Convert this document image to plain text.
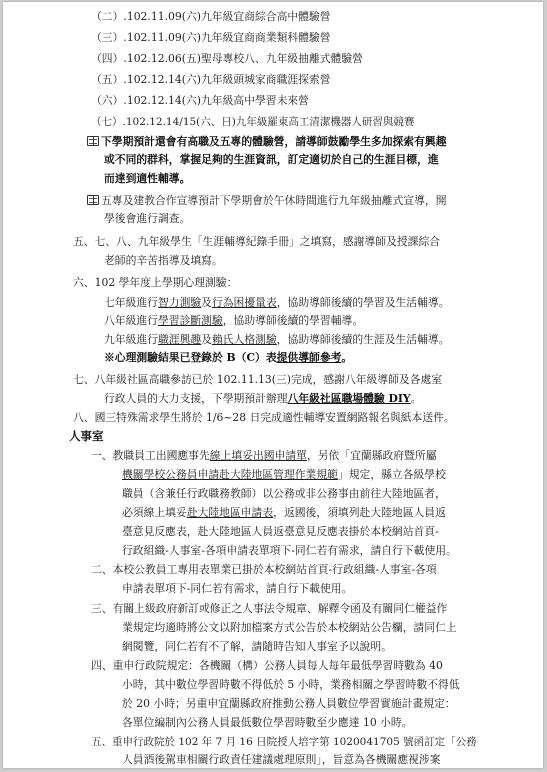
（二）.102.11.09(六)九年級宜商綜合高中體驗營
（三）.102.11.09(六)九年級宜商商業類科體驗營
（四）.102.12.06(五)聖母專校八、九年級抽離式體驗營
（五）.102.12.14(六)九年級頭城家商職涯探索營
（六）.102.12.14(六)九年級高中學習未來營
（七）.102.12.14/15(六、日)九年級羅東高工清潔機器人研習與競賽
下學期預計還會有高職及五專的體驗營，請導師鼓勵學生多加探索有興趣
或不同的群科，掌握足夠的生涯資訊，訂定適切於自己的生涯目標，進
而達到適性輔導。
五專及建教合作宣導預計下學期會於午休時間進行九年級抽離式宣導，開
學後會進行調查。
五、七、八、九年級學生「生涯輔導紀錄手冊」之填寫，感謝導師及授課綜合
老師的辛苦指導及填寫。
六、102 學年度上學期心理測驗：
七年級進行智力測驗及行為困擾量表，協助導師後續的學習及生活輔導。
八年級進行學習診斷測驗，協助導師後續的學習輔導。
九年級進行職涯興趣及賴氏人格測驗，協助導師後續的生涯及生活輔導。
※心理測驗結果已登錄於 B（C）表提供導師參考。
七、八年級社區高職參訪已於 102.11.13(三)完成，感謝八年級導師及各處室
行政人員的大力支援，下學期預計辦理八年級社區職場體驗 DIY。
八、國三特殊需求學生將於 1/6~28 日完成適性輔導安置網路報名與紙本送件。
人事室
一、教職員工出國應事先線上填妥出國申請單，另依「宜蘭縣政府暨所屬
機關學校公務員申請赴大陸地區管理作業規範」規定，縣立各級學校
職員（含兼任行政職務教師）以公務或非公務事由前往大陸地區者，
必須線上填妥赴大陸地區申請表，返國後，須填列赴大陸地區人員返
臺意見反應表，赴大陸地區人員返臺意見反應表掛於本校網站首頁-
行政組織-人事室-各項申請表單項下-同仁若有需求，請自行下載使用。
二、本校公教員工專用表單業已掛於本校網站首頁-行政組織-人事室-各項
申請表單項下-同仁若有需求，請自行下載使用。
三、有關上級政府新訂或修正之人事法令規章、解釋令函及有關同仁權益作
業規定均適時將公文以附加檔案方式公告於本校網站公告欄，請同仁上
網閱覽，同仁若有不了解，請隨時告知人事室予以說明。
四、重申行政院規定：各機關（構）公務人員每人每年最低學習時數為 40
小時，其中數位學習時數不得低於 5 小時，業務相關之學習時數不得低
於 20 小時；另重申宜蘭縣政府推動公務人員數位學習實施計畫規定：
各單位編制內公務人員最低數位學習時數至少應達 10 小時。
五、重申行政院於 102 年 7 月 16 日院授人培字第 1020041705 號函訂定「公務
人員酒後駕車相關行政責任建議處理原則」，旨意為各機關應視涉案
